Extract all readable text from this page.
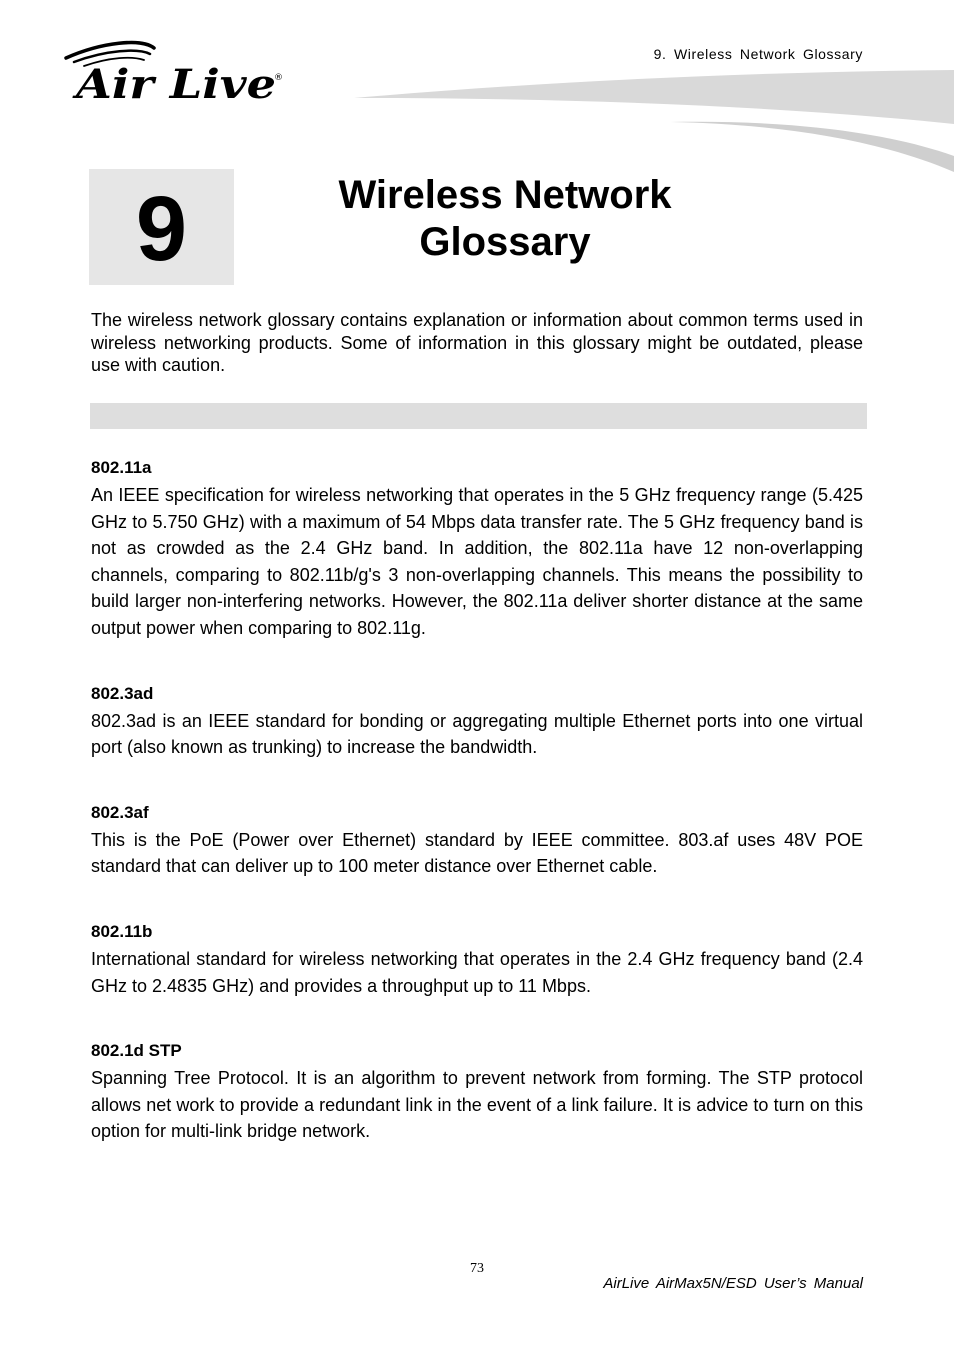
9. Wireless Network Glossary
Air Live
®
9	Wireless Network
Glossary
The wireless network glossary contains explanation or information about common terms used in wireless networking products. Some of information in this glossary might be outdated, please use with caution.
802.11a
An IEEE specification for wireless networking that operates in the 5 GHz frequency range (5.425 GHz to 5.750 GHz) with a maximum of 54 Mbps data transfer rate. The 5 GHz frequency band is not as crowded as the 2.4 GHz band. In addition, the 802.11a have 12 non-overlapping channels, comparing to 802.11b/g's 3 non-overlapping channels. This means the possibility to build larger non-interfering networks. However, the 802.11a deliver shorter distance at the same output power when comparing to 802.11g.
802.3ad
802.3ad is an IEEE standard for bonding or aggregating multiple Ethernet ports into one virtual port (also known as trunking) to increase the bandwidth.
802.3af
This is the PoE (Power over Ethernet) standard by IEEE committee. 803.af uses 48V POE standard that can deliver up to 100 meter distance over Ethernet cable.
802.11b
International standard for wireless networking that operates in the 2.4 GHz frequency band (2.4 GHz to 2.4835 GHz) and provides a throughput up to 11 Mbps.
802.1d STP
Spanning Tree Protocol. It is an algorithm to prevent network from forming. The STP protocol allows net work to provide a redundant link in the event of a link failure. It is advice to turn on this option for multi-link bridge network.
73
AirLive AirMax5N/ESD User’s Manual
